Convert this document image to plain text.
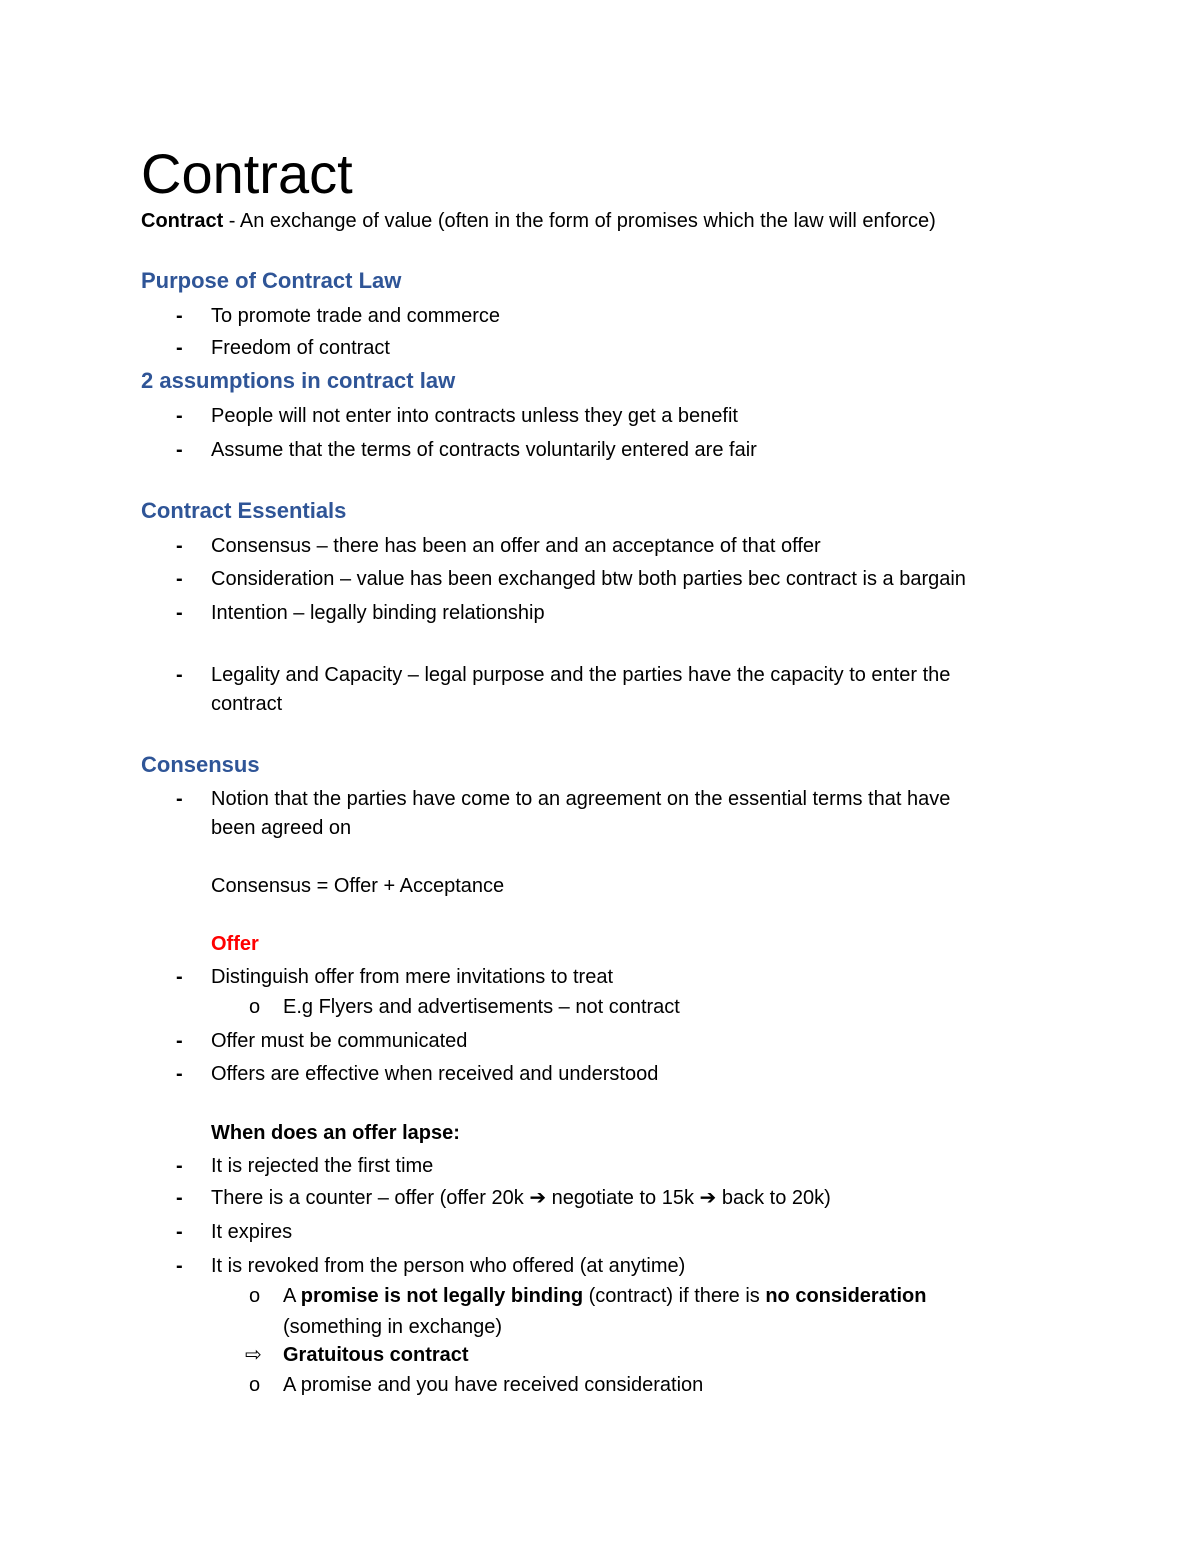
Contract
Contract - An exchange of value (often in the form of promises which the law will enforce)
Purpose of Contract Law
- To promote trade and commerce
- Freedom of contract
2 assumptions in contract law
- People will not enter into contracts unless they get a benefit
- Assume that the terms of contracts voluntarily entered are fair
Contract Essentials
- Consensus – there has been an offer and an acceptance of that offer
- Consideration – value has been exchanged btw both parties bec contract is a bargain
- Intention – legally binding relationship
- Legality and Capacity – legal purpose and the parties have the capacity to enter the
contract
Consensus
- Notion that the parties have come to an agreement on the essential terms that have
been agreed on
Consensus = Offer + Acceptance
Offer
- Distinguish offer from mere invitations to treat
o E.g Flyers and advertisements – not contract
- Offer must be communicated
- Offers are effective when received and understood
When does an offer lapse:
- It is rejected the first time
- There is a counter – offer (offer 20k ➔ negotiate to 15k ➔ back to 20k)
- It expires
- It is revoked from the person who offered (at anytime)
o A promise is not legally binding (contract) if there is no consideration
(something in exchange)
⇨ Gratuitous contract
o A promise and you have received consideration
